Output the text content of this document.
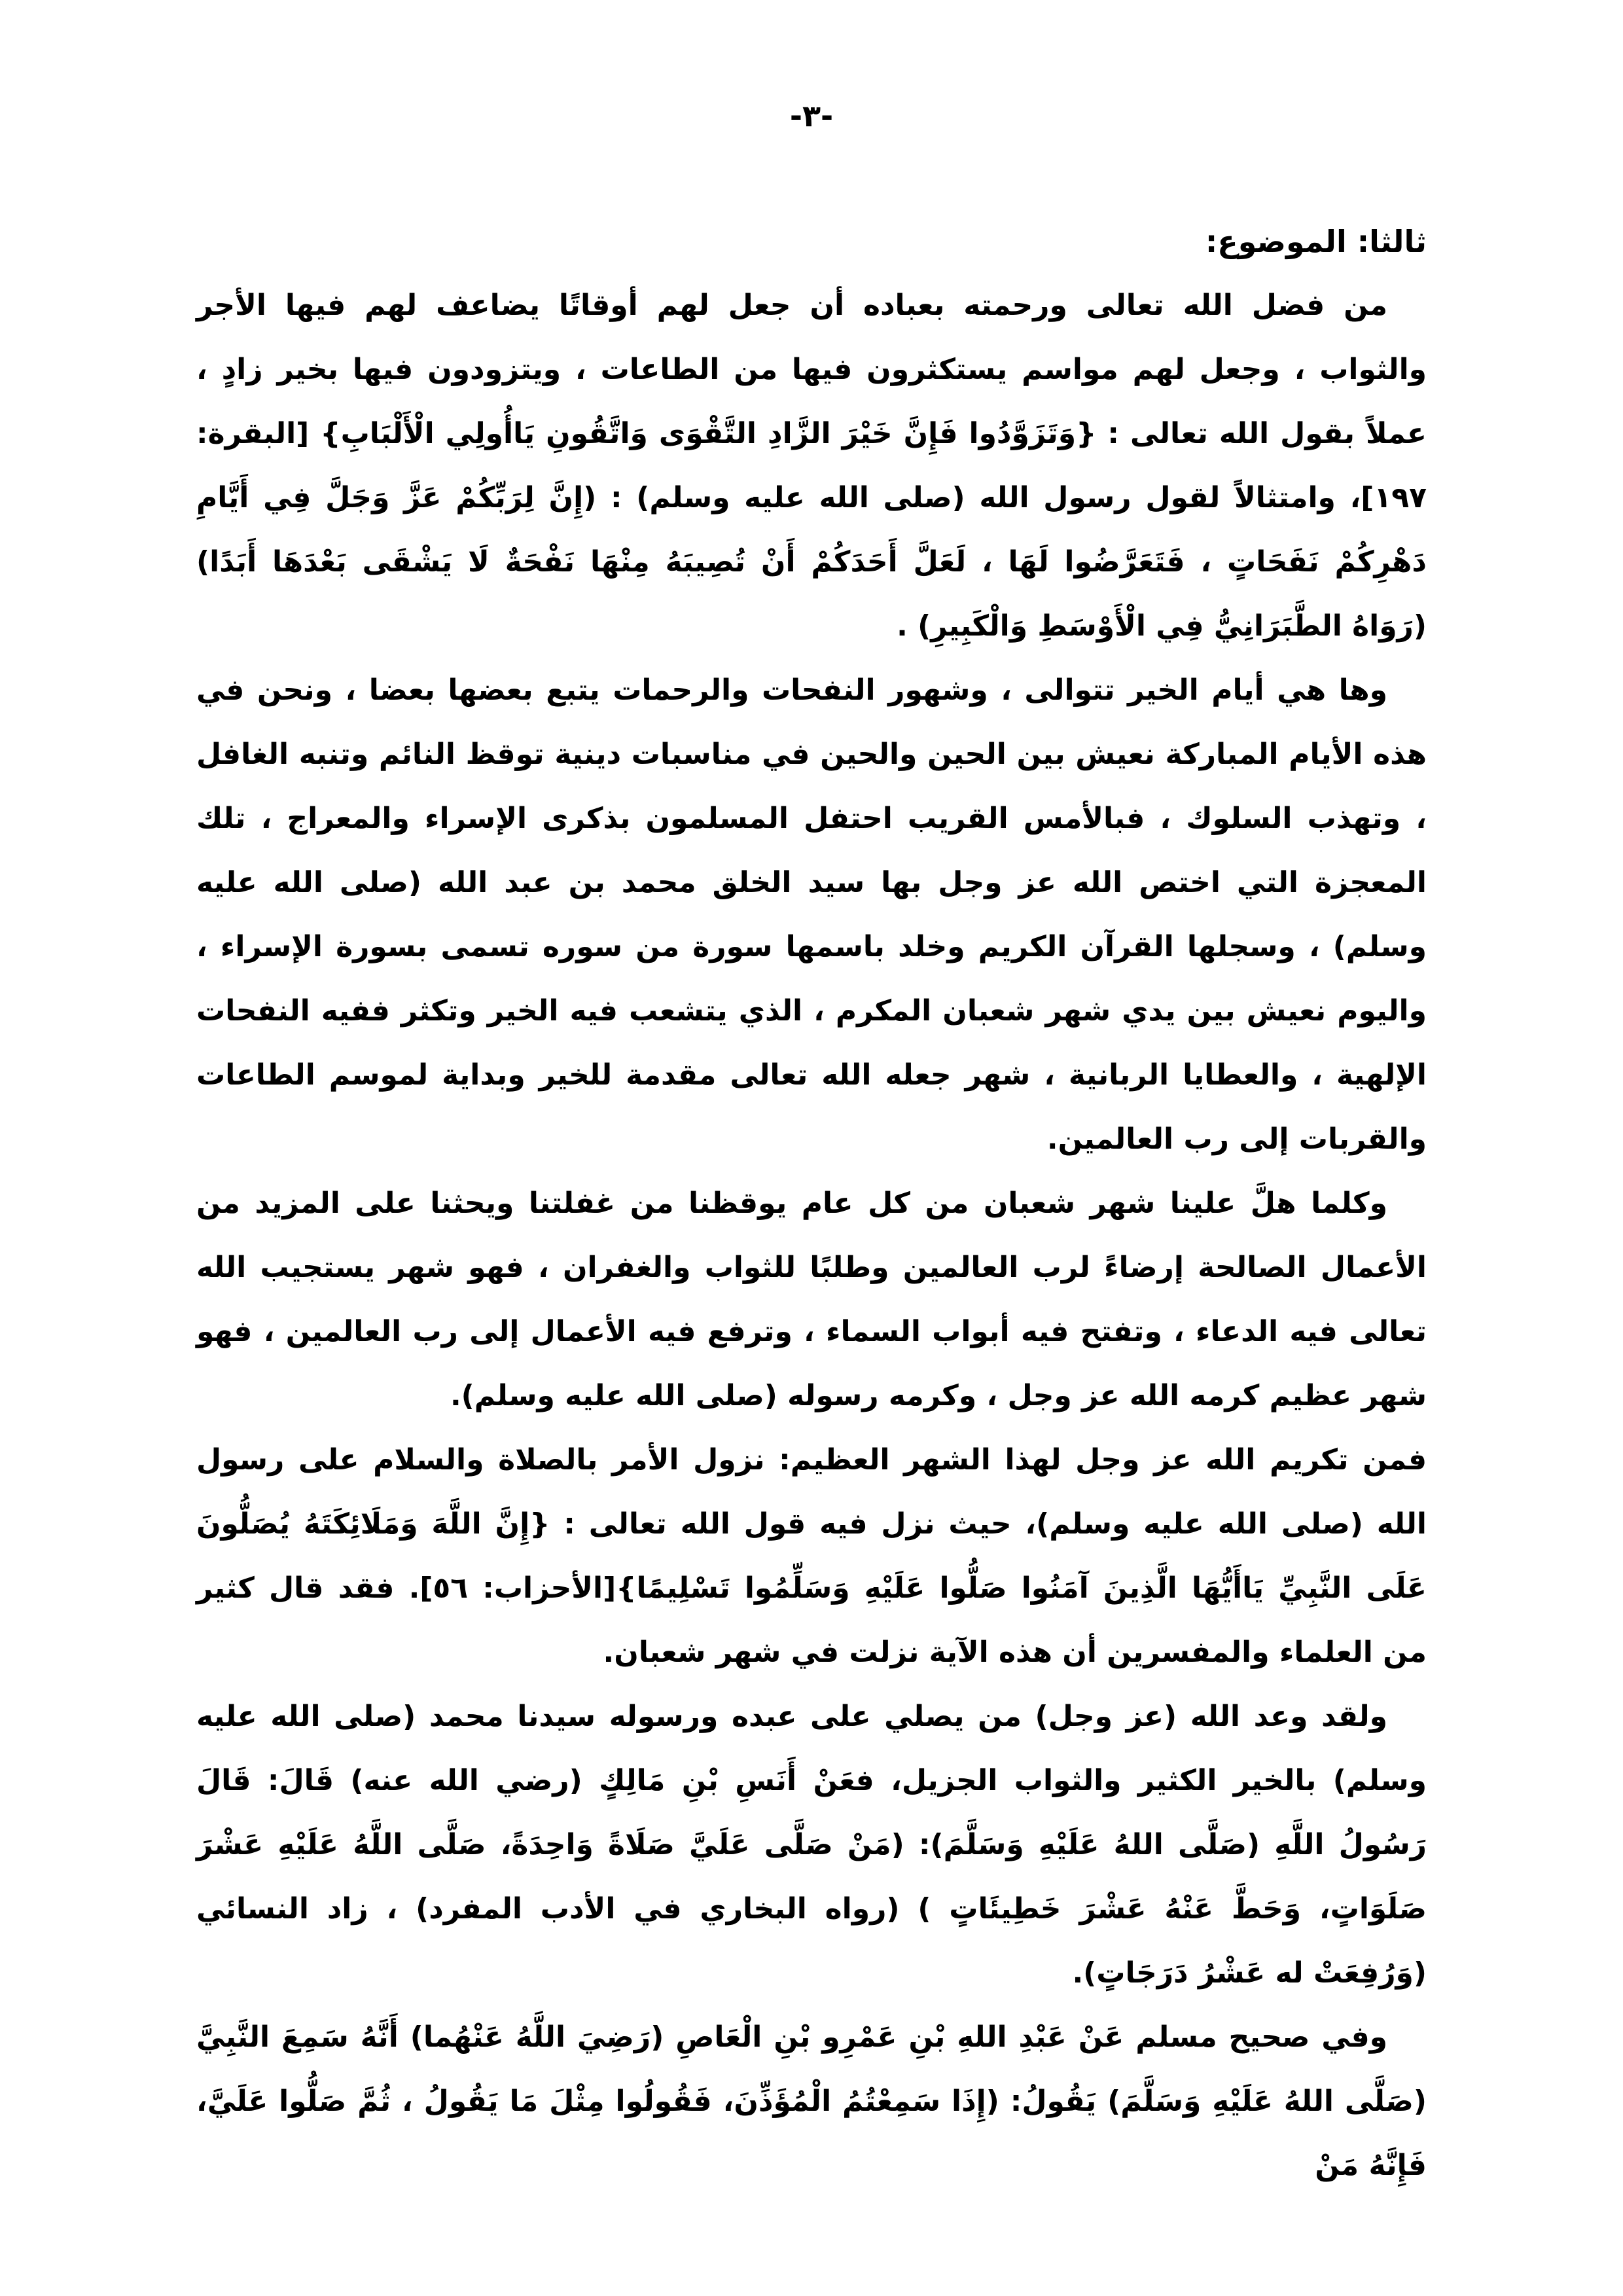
-٣-
ثالثا: الموضوع:

من فضل الله تعالى ورحمته بعباده أن جعل لهم أوقاتًا يضاعف لهم فيها الأجر والثواب ، وجعل لهم مواسم يستكثرون فيها من الطاعات ، ويتزودون فيها بخير زادٍ ، عملاً بقول الله تعالى : {وَتَزَوَّدُوا فَإِنَّ خَيْرَ الزَّادِ التَّقْوَى وَاتَّقُونِ يَاأُولِي الْأَلْبَابِ} [البقرة: ١٩٧]، وامتثالاً لقول رسول الله (صلى الله عليه وسلم) : (إِنَّ لِرَبِّكُمْ عَزَّ وَجَلَّ فِي أَيَّامِ دَهْرِكُمْ نَفَحَاتٍ ، فَتَعَرَّضُوا لَهَا ، لَعَلَّ أَحَدَكُمْ أَنْ تُصِيبَهُ مِنْهَا نَفْحَةٌ لَا يَشْقَى بَعْدَهَا أَبَدًا) (رَوَاهُ الطَّبَرَانِيُّ فِي الْأَوْسَطِ وَالْكَبِيرِ) .

وها هي أيام الخير تتوالى ، وشهور النفحات والرحمات يتبع بعضها بعضا ، ونحن في هذه الأيام المباركة نعيش بين الحين والحين في مناسبات دينية توقظ النائم وتنبه الغافل ، وتهذب السلوك ، فبالأمس القريب احتفل المسلمون بذكرى الإسراء والمعراج ، تلك المعجزة التي اختص الله عز وجل بها سيد الخلق محمد بن عبد الله (صلى الله عليه وسلم) ، وسجلها القرآن الكريم وخلد باسمها سورة من سوره تسمى بسورة الإسراء ، واليوم نعيش بين يدي شهر شعبان المكرم ، الذي يتشعب فيه الخير وتكثر ففيه النفحات الإلهية ، والعطايا الربانية ، شهر جعله الله تعالى مقدمة للخير وبداية لموسم الطاعات والقربات إلى رب العالمين.

وكلما هلَّ علينا شهر شعبان من كل عام يوقظنا من غفلتنا ويحثنا على المزيد من الأعمال الصالحة إرضاءً لرب العالمين وطلبًا للثواب والغفران ، فهو شهر يستجيب الله تعالى فيه الدعاء ، وتفتح فيه أبواب السماء ، وترفع فيه الأعمال إلى رب العالمين ، فهو شهر عظيم كرمه الله عز وجل ، وكرمه رسوله (صلى الله عليه وسلم).

فمن تكريم الله عز وجل لهذا الشهر العظيم: نزول الأمر بالصلاة والسلام على رسول الله (صلى الله عليه وسلم)، حيث نزل فيه قول الله تعالى : {إِنَّ اللَّهَ وَمَلَائِكَتَهُ يُصَلُّونَ عَلَى النَّبِيِّ يَاأَيُّهَا الَّذِينَ آمَنُوا صَلُّوا عَلَيْهِ وَسَلِّمُوا تَسْلِيمًا}[الأحزاب: ٥٦]. فقد قال كثير من العلماء والمفسرين أن هذه الآية نزلت في شهر شعبان.

ولقد وعد الله (عز وجل) من يصلي على عبده ورسوله سيدنا محمد (صلى الله عليه وسلم) بالخير الكثير والثواب الجزيل، فعَنْ أَنَسِ بْنِ مَالِكٍ (رضي الله عنه) قَالَ: قَالَ رَسُولُ اللَّهِ (صَلَّى اللهُ عَلَيْهِ وَسَلَّمَ): (مَنْ صَلَّى عَلَيَّ صَلَاةً وَاحِدَةً، صَلَّى اللَّهُ عَلَيْهِ عَشْرَ صَلَوَاتٍ، وَحَطَّ عَنْهُ عَشْرَ خَطِيئَاتٍ ) (رواه البخاري في الأدب المفرد) ، زاد النسائي (وَرُفِعَتْ له عَشْرُ دَرَجَاتٍ).

وفي صحيح مسلم عَنْ عَبْدِ اللهِ بْنِ عَمْرِو بْنِ الْعَاصِ (رَضِيَ اللَّهُ عَنْهُما) أَنَّهُ سَمِعَ النَّبِيَّ (صَلَّى اللهُ عَلَيْهِ وَسَلَّمَ) يَقُولُ: (إِذَا سَمِعْتُمُ الْمُؤَذِّنَ، فَقُولُوا مِثْلَ مَا يَقُولُ ، ثُمَّ صَلُّوا عَلَيَّ، فَإِنَّهُ مَنْ
